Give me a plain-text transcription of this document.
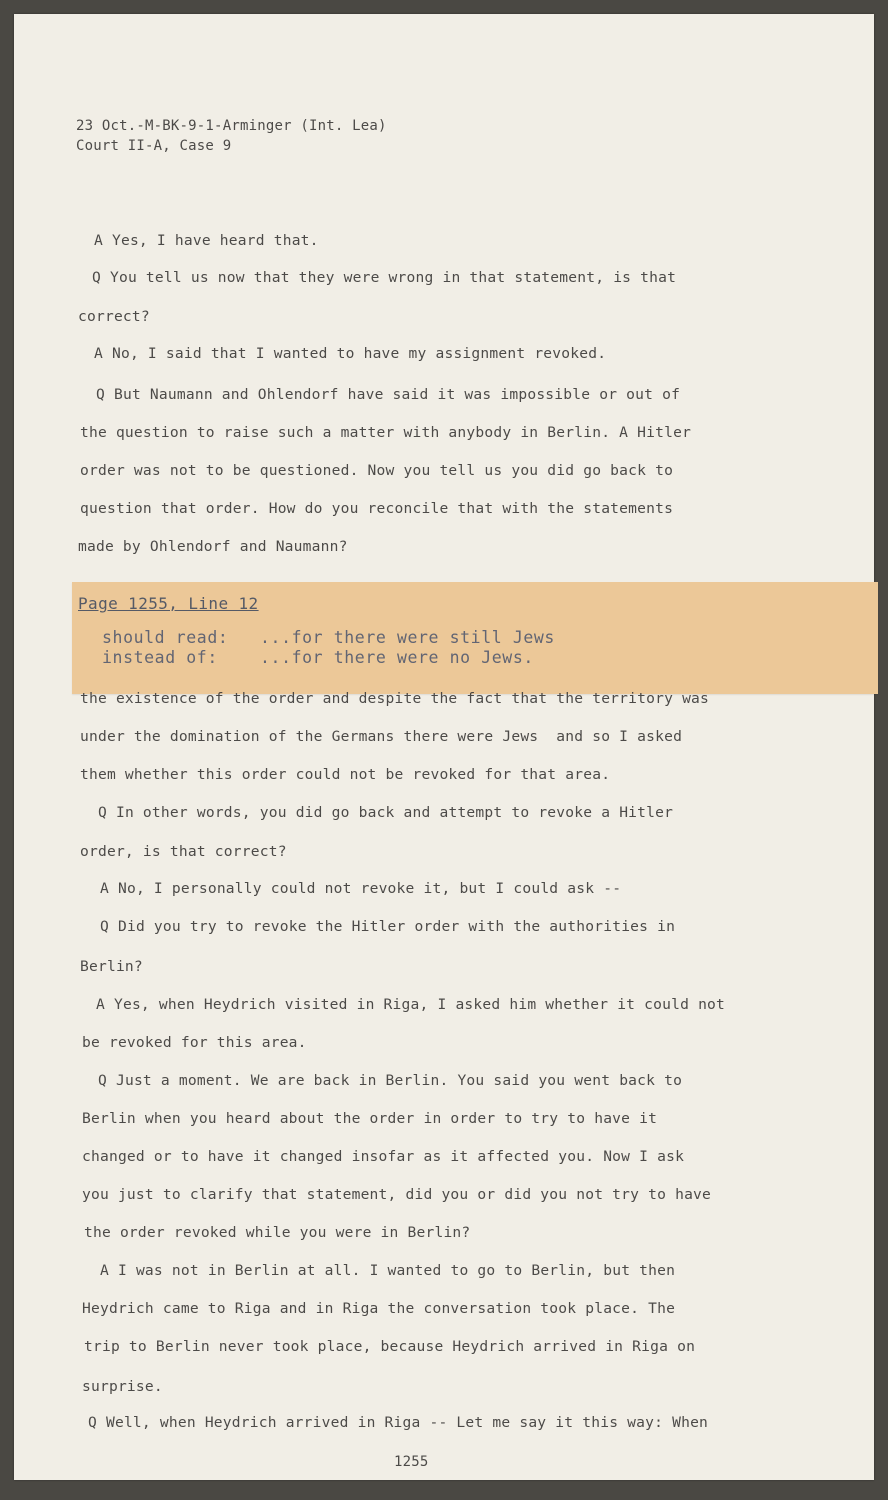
23 Oct.-M-BK-9-1-Arminger (Int. Lea)
Court II-A, Case 9
A Yes, I have heard that.
Q You tell us now that they were wrong in that statement, is that
correct?
A No, I said that I wanted to have my assignment revoked.
Q But Naumann and Ohlendorf have said it was impossible or out of
the question to raise such a matter with anybody in Berlin. A Hitler
order was not to be questioned. Now you tell us you did go back to
question that order. How do you reconcile that with the statements
made by Ohlendorf and Naumann?
Page 1255, Line 12
should read:   ...for there were still Jews
instead of:    ...for there were no Jews.
the existence of the order and despite the fact that the territory was
under the domination of the Germans there were Jews  and so I asked
them whether this order could not be revoked for that area.
Q In other words, you did go back and attempt to revoke a Hitler
order, is that correct?
A No, I personally could not revoke it, but I could ask --
Q Did you try to revoke the Hitler order with the authorities in
Berlin?
A Yes, when Heydrich visited in Riga, I asked him whether it could not
be revoked for this area.
Q Just a moment. We are back in Berlin. You said you went back to
Berlin when you heard about the order in order to try to have it
changed or to have it changed insofar as it affected you. Now I ask
you just to clarify that statement, did you or did you not try to have
the order revoked while you were in Berlin?
A I was not in Berlin at all. I wanted to go to Berlin, but then
Heydrich came to Riga and in Riga the conversation took place. The
trip to Berlin never took place, because Heydrich arrived in Riga on
surprise.
Q Well, when Heydrich arrived in Riga -- Let me say it this way: When
1255
